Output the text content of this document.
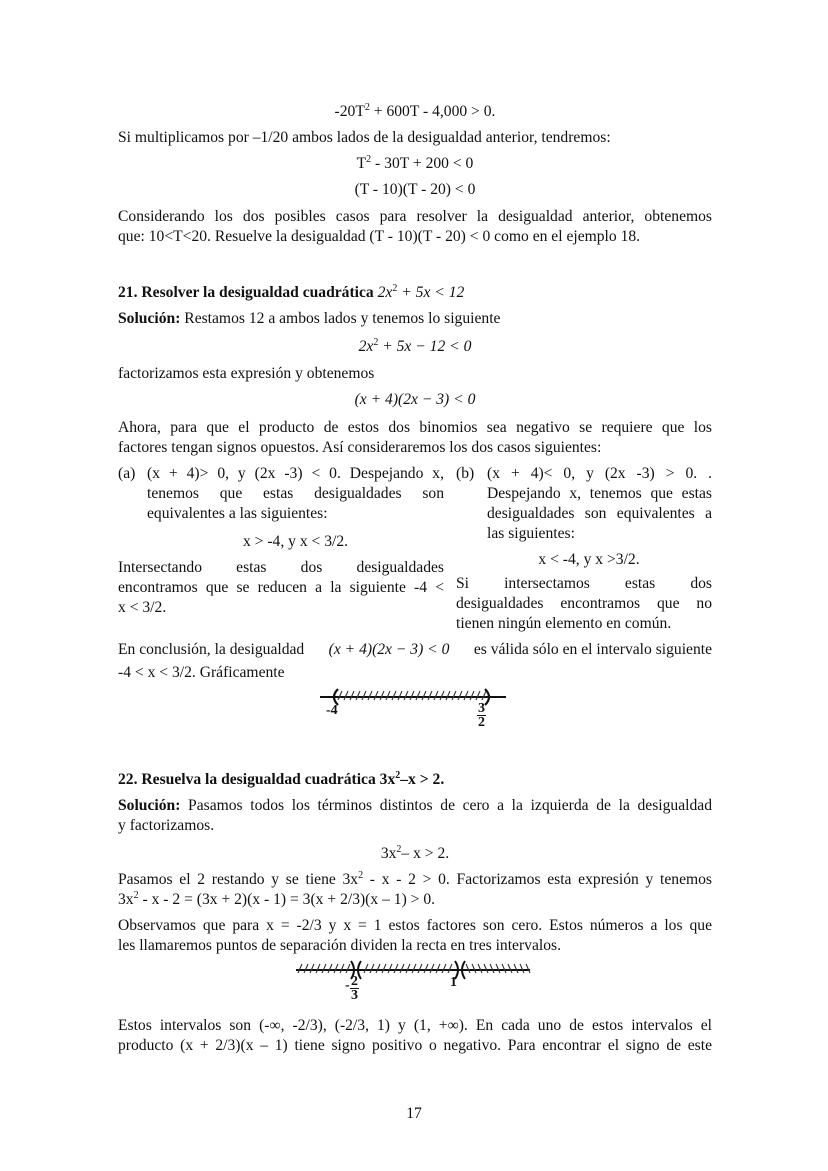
$-20T^2 + 600T - 4,000 > 0$.
Si multiplicamos por –1/20 ambos lados de la desigualdad anterior, tendremos:
$T^2 - 30T + 200 < 0$
(T - 10)(T - 20) < 0
Considerando los dos posibles casos para resolver la desigualdad anterior, obtenemos
que: 10<T<20. Resuelve la desigualdad (T - 10)(T - 20) < 0 como en el ejemplo 18.
21. Resolver la desigualdad cuadrática $2x^2 + 5x < 12$
Solución: Restamos 12 a ambos lados y tenemos lo siguiente
$2x^2 + 5x - 12 < 0$
factorizamos esta expresión y obtenemos
(x + 4)(2x − 3) < 0
Ahora, para que el producto de estos dos binomios sea negativo se requiere que los
factores tengan signos opuestos. Así consideraremos los dos casos siguientes:
(a) (x + 4)> 0, y (2x -3) < 0. Despejando x,
tenemos que estas desigualdades son
equivalentes a las siguientes:
x > -4, y x < 3/2.
Intersectando estas dos desigualdades
encontramos que se reducen a la siguiente -4 <
x < 3/2.
(b) (x + 4)< 0, y (2x -3) > 0. .
Despejando x, tenemos que estas
desigualdades son equivalentes a
las siguientes:
x < -4, y x >3/2.
Si intersectamos estas dos
desigualdades encontramos que no
tienen ningún elemento en común.
En conclusión, la desigualdad (x + 4)(2x − 3) < 0 es válida sólo en el intervalo siguiente
-4 < x < 3/2. Gráficamente
-4	3
2
22. Resuelva la desigualdad cuadrática $3x^2-x > 2$.
Solución: Pasamos todos los términos distintos de cero a la izquierda de la desigualdad
y factorizamos.
$3x^2-$ x > 2.
Pasamos el 2 restando y se tiene $3x^2 - x - 2 > 0$. Factorizamos esta expresión y tenemos
$3x^2 - x - 2 = (3x + 2)(x - 1) = 3(x + 2/3)(x - 1) > 0$.
Observamos que para x = -2/3 y x = 1 estos factores son cero. Estos números a los que
les llamaremos puntos de separación dividen la recta en tres intervalos.
- 2
3
1
Estos intervalos son (-∞, -2/3), (-2/3, 1) y (1, +∞). En cada uno de estos intervalos el
producto (x + 2/3)(x – 1) tiene signo positivo o negativo. Para encontrar el signo de este
17
